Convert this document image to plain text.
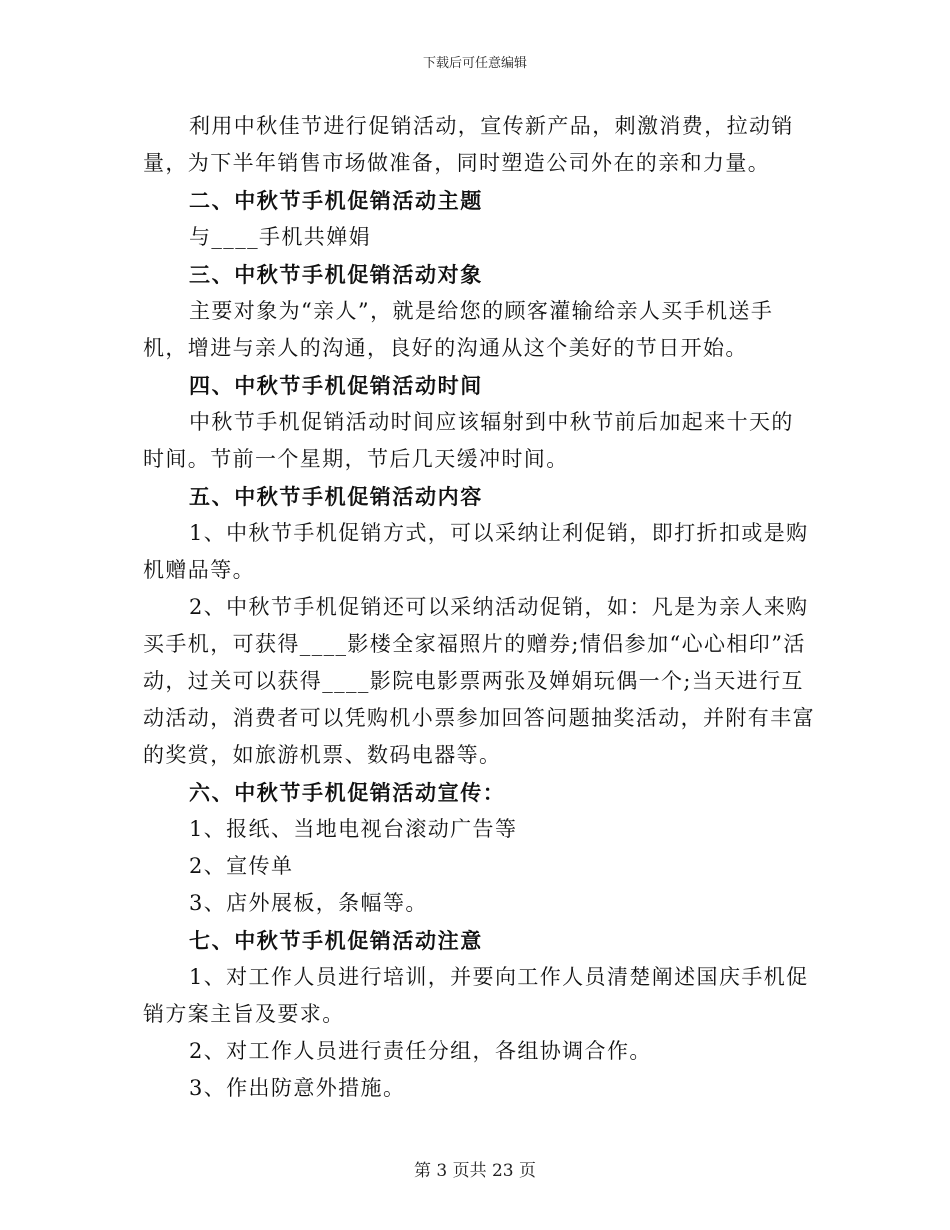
下载后可任意编辑

利用中秋佳节进行促销活动，宣传新产品，刺激消费，拉动销量，为下半年销售市场做准备，同时塑造公司外在的亲和力量。

二、中秋节手机促销活动主题

与____手机共婵娟

三、中秋节手机促销活动对象

主要对象为“亲人”，就是给您的顾客灌输给亲人买手机送手机，增进与亲人的沟通，良好的沟通从这个美好的节日开始。

四、中秋节手机促销活动时间

中秋节手机促销活动时间应该辐射到中秋节前后加起来十天的时间。节前一个星期，节后几天缓冲时间。

五、中秋节手机促销活动内容

1、中秋节手机促销方式，可以采纳让利促销，即打折扣或是购机赠品等。

2、中秋节手机促销还可以采纳活动促销，如：凡是为亲人来购买手机，可获得____影楼全家福照片的赠券;情侣参加“心心相印”活动，过关可以获得____影院电影票两张及婵娟玩偶一个;当天进行互动活动，消费者可以凭购机小票参加回答问题抽奖活动，并附有丰富的奖赏，如旅游机票、数码电器等。

六、中秋节手机促销活动宣传：

1、报纸、当地电视台滚动广告等

2、宣传单

3、店外展板，条幅等。

七、中秋节手机促销活动注意

1、对工作人员进行培训，并要向工作人员清楚阐述国庆手机促销方案主旨及要求。

2、对工作人员进行责任分组，各组协调合作。

3、作出防意外措施。

第 3 页共 23 页
